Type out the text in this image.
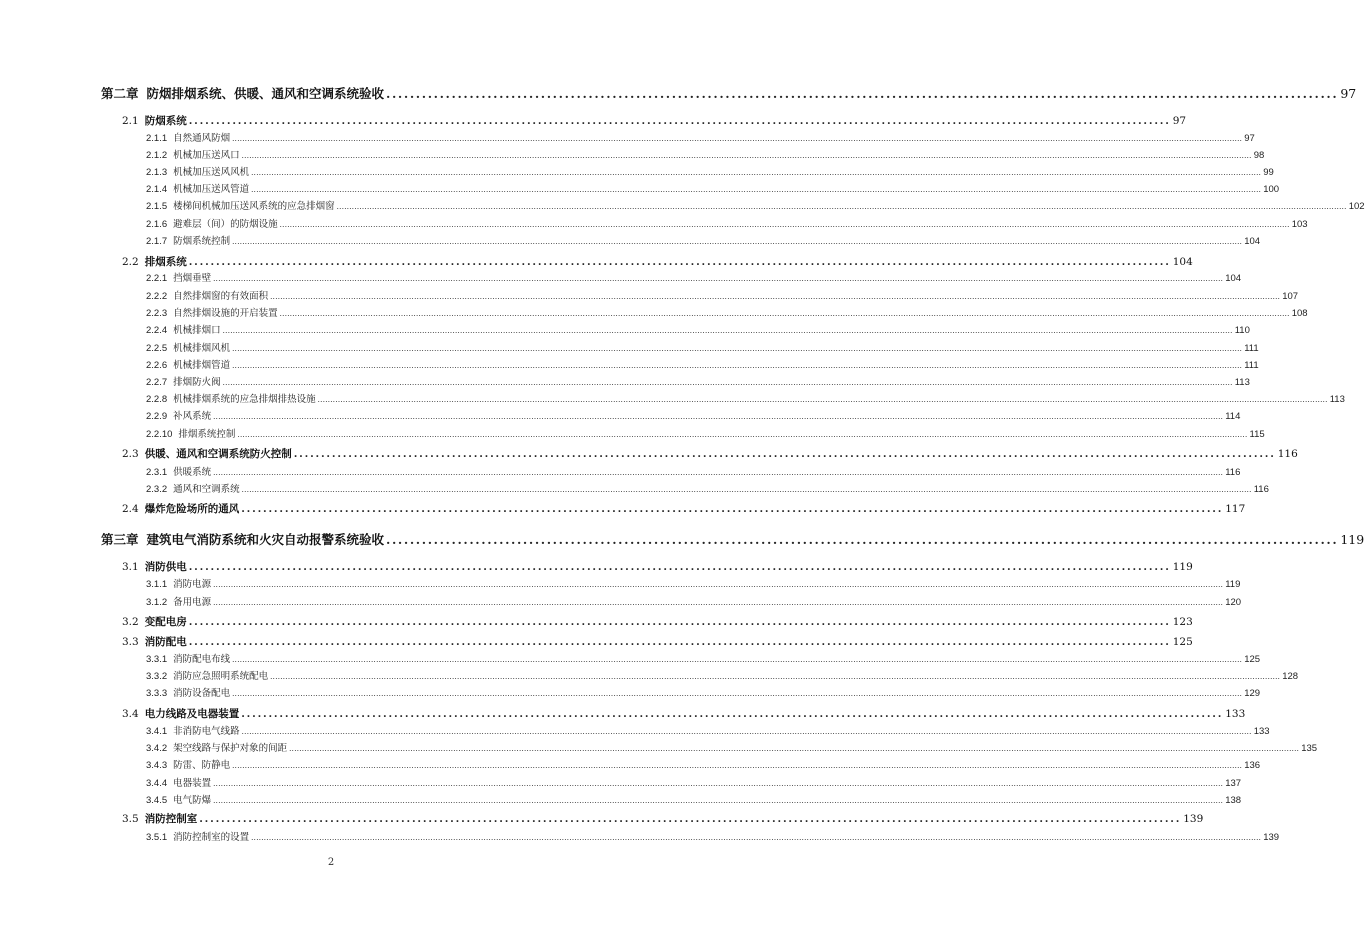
第二章 防烟排烟系统、供暖、通风和空调系统验收 ................................................................................................................................................................ 97
2.1 防烟系统 .................................................................................................................................................................................... 97
2.1.1 自然通风防烟 ................................................................................................................................................................................................................................................................................................................................................................................................................ 97
2.1.2 机械加压送风口 ................................................................................................................................................................................................................................................................................................................................................................................................................ 98
2.1.3 机械加压送风风机 ................................................................................................................................................................................................................................................................................................................................................................................................................ 99
2.1.4 机械加压送风管道 ................................................................................................................................................................................................................................................................................................................................................................................................................ 100
2.1.5 楼梯间机械加压送风系统的应急排烟窗 ................................................................................................................................................................................................................................................................................................................................................................................................................ 102
2.1.6 避难层（间）的防烟设施 ................................................................................................................................................................................................................................................................................................................................................................................................................ 103
2.1.7 防烟系统控制 ................................................................................................................................................................................................................................................................................................................................................................................................................ 104
2.2 排烟系统 .................................................................................................................................................................................... 104
2.2.1 挡烟垂壁 ................................................................................................................................................................................................................................................................................................................................................................................................................ 104
2.2.2 自然排烟窗的有效面积 ................................................................................................................................................................................................................................................................................................................................................................................................................ 107
2.2.3 自然排烟设施的开启装置 ................................................................................................................................................................................................................................................................................................................................................................................................................ 108
2.2.4 机械排烟口 ................................................................................................................................................................................................................................................................................................................................................................................................................ 110
2.2.5 机械排烟风机 ................................................................................................................................................................................................................................................................................................................................................................................................................ 111
2.2.6 机械排烟管道 ................................................................................................................................................................................................................................................................................................................................................................................................................ 111
2.2.7 排烟防火阀 ................................................................................................................................................................................................................................................................................................................................................................................................................ 113
2.2.8 机械排烟系统的应急排烟排热设施 ................................................................................................................................................................................................................................................................................................................................................................................................................ 113
2.2.9 补风系统 ................................................................................................................................................................................................................................................................................................................................................................................................................ 114
2.2.10 排烟系统控制 ................................................................................................................................................................................................................................................................................................................................................................................................................ 115
2.3 供暖、通风和空调系统防火控制 .................................................................................................................................................................................... 116
2.3.1 供暖系统 ................................................................................................................................................................................................................................................................................................................................................................................................................ 116
2.3.2 通风和空调系统 ................................................................................................................................................................................................................................................................................................................................................................................................................ 116
2.4 爆炸危险场所的通风 .................................................................................................................................................................................... 117
第三章 建筑电气消防系统和火灾自动报警系统验收 ................................................................................................................................................................ 119
3.1 消防供电 .................................................................................................................................................................................... 119
3.1.1 消防电源 ................................................................................................................................................................................................................................................................................................................................................................................................................ 119
3.1.2 备用电源 ................................................................................................................................................................................................................................................................................................................................................................................................................ 120
3.2 变配电房 .................................................................................................................................................................................... 123
3.3 消防配电 .................................................................................................................................................................................... 125
3.3.1 消防配电布线 ................................................................................................................................................................................................................................................................................................................................................................................................................ 125
3.3.2 消防应急照明系统配电 ................................................................................................................................................................................................................................................................................................................................................................................................................ 128
3.3.3 消防设备配电 ................................................................................................................................................................................................................................................................................................................................................................................................................ 129
3.4 电力线路及电器装置 .................................................................................................................................................................................... 133
3.4.1 非消防电气线路 ................................................................................................................................................................................................................................................................................................................................................................................................................ 133
3.4.2 架空线路与保护对象的间距 ................................................................................................................................................................................................................................................................................................................................................................................................................ 135
3.4.3 防雷、防静电 ................................................................................................................................................................................................................................................................................................................................................................................................................ 136
3.4.4 电器装置 ................................................................................................................................................................................................................................................................................................................................................................................................................ 137
3.4.5 电气防爆 ................................................................................................................................................................................................................................................................................................................................................................................................................ 138
3.5 消防控制室 .................................................................................................................................................................................... 139
3.5.1 消防控制室的设置 ................................................................................................................................................................................................................................................................................................................................................................................................................ 139
2
